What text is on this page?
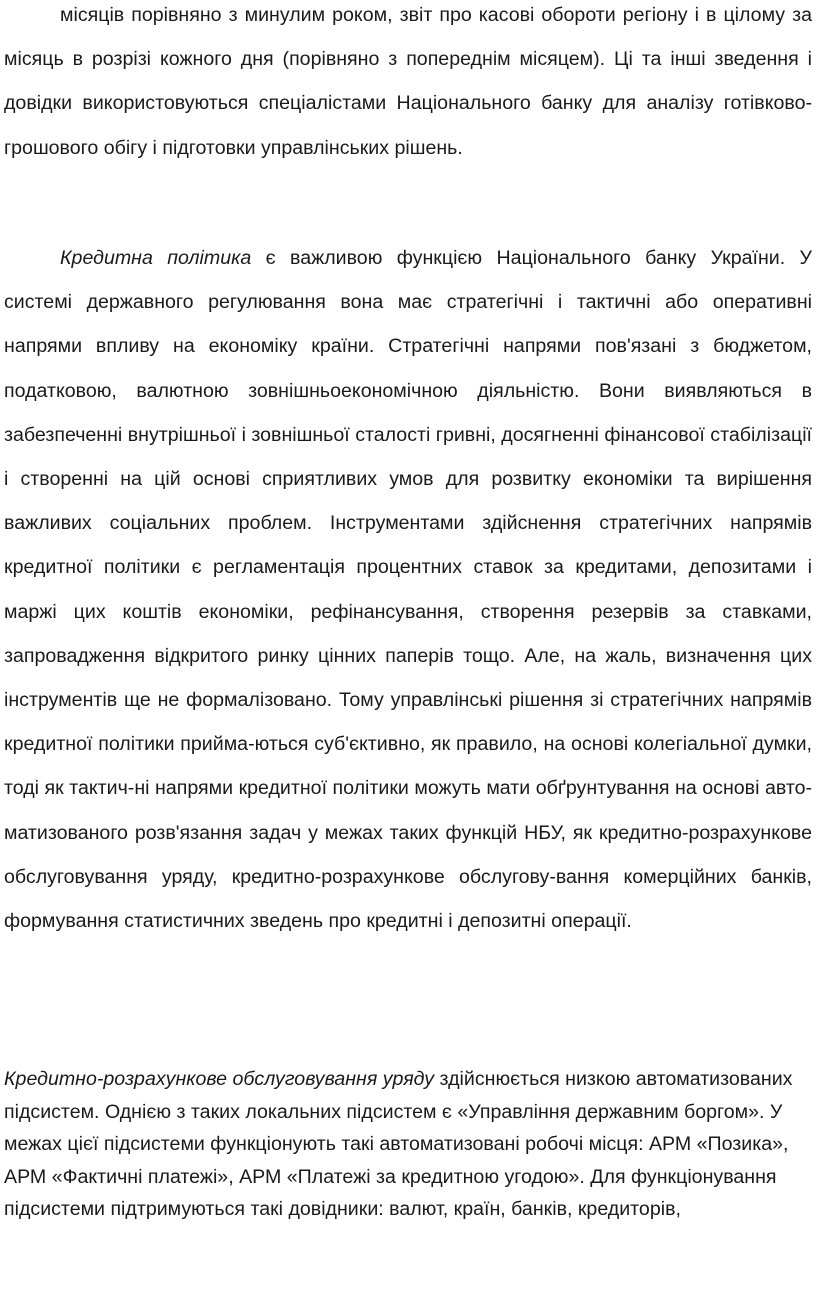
місяців порівняно з минулим роком, звіт про касові обороти регіону і в цілому за місяць в розрізі кожного дня (порівняно з попереднім місяцем). Ці та інші зведення і довідки використовуються спеціалістами Національного банку для аналізу готівково-грошового обігу і підготовки управлінських рішень.

Кредитна політика є важливою функцією Національного банку України. У системі державного регулювання вона має стратегічні і тактичні або оперативні напрями впливу на економіку країни. Стратегічні напрями пов'язані з бюджетом, податковою, валютною зовнішньоекономічною діяльністю. Вони виявляються в забезпеченні внутрішньої і зовнішньої сталості гривні, досягненні фінансової стабілізації і створенні на цій основі сприятливих умов для розвитку економіки та вирішення важливих соціальних проблем. Інструментами здійснення стратегічних напрямів кредитної політики є регламентація процентних ставок за кредитами, депозитами і маржі цих коштів економіки, рефінансування, створення резервів за ставками, запровадження відкритого ринку цінних паперів тощо. Але, на жаль, визначення цих інструментів ще не формалізовано. Тому управлінські рішення зі стратегічних напрямів кредитної політики прийма-ються суб'єктивно, як правило, на основі колегіальної думки, тоді як тактич-ні напрями кредитної політики можуть мати обґрунтування на основі авто-матизованого розв'язання задач у межах таких функцій НБУ, як кредитно-розрахункове обслуговування уряду, кредитно-розрахункове обслугову-вання комерційних банків, формування статистичних зведень про кредитні і депозитні операції.

Кредитно-розрахункове обслуговування уряду здійснюється низкою автоматизованих підсистем. Однією з таких локальних підсистем є «Управління державним боргом». У межах цієї підсистеми функціонують такі автоматизовані робочі місця: АРМ «Позика», АРМ «Фактичні платежі», АРМ «Платежі за кредитною угодою». Для функціонування підсистеми підтримуються такі довідники: валют, країн, банків, кредиторів,
